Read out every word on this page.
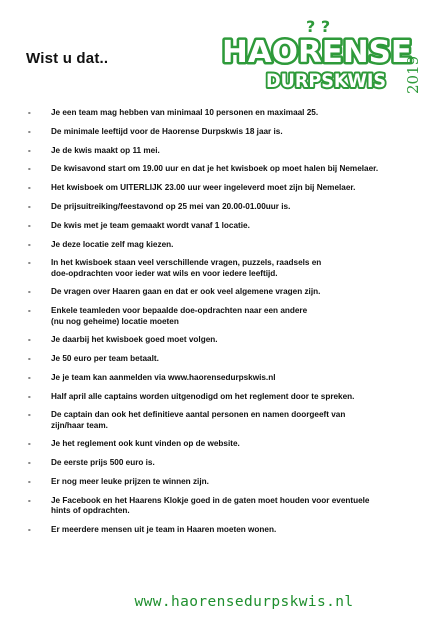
Wist u dat..
? ?
HAORENSE
DURPSKWIS 2019
- Je een team mag hebben van minimaal 10 personen en maximaal 25.
- De minimale leeftijd voor de Haorense Durpskwis 18 jaar is.
- Je de kwis maakt op 11 mei.
- De kwisavond start om 19.00 uur en dat je het kwisboek op moet halen bij Nemelaer.
- Het kwisboek om UITERLIJK 23.00 uur weer ingeleverd moet zijn bij Nemelaer.
- De prijsuitreiking/feestavond op 25 mei van 20.00-01.00uur is.
- De kwis met je team gemaakt wordt vanaf 1 locatie.
- Je deze locatie zelf mag kiezen.
- In het kwisboek staan veel verschillende vragen, puzzels, raadsels en
doe-opdrachten voor ieder wat wils en voor iedere leeftijd.
- De vragen over Haaren gaan en dat er ook veel algemene vragen zijn.
- Enkele teamleden voor bepaalde doe-opdrachten naar een andere
(nu nog geheime) locatie moeten
- Je daarbij het kwisboek goed moet volgen.
- Je 50 euro per team betaalt.
- Je je team kan aanmelden via www.haorensedurpskwis.nl
- Half april alle captains worden uitgenodigd om het reglement door te spreken.
- De captain dan ook het definitieve aantal personen en namen doorgeeft van
zijn/haar team.
- Je het reglement ook kunt vinden op de website.
- De eerste prijs 500 euro is.
- Er nog meer leuke prijzen te winnen zijn.
- Je Facebook en het Haarens Klokje goed in de gaten moet houden voor eventuele
hints of opdrachten.
- Er meerdere mensen uit je team in Haaren moeten wonen.
www.haorensedurpskwis.nl
